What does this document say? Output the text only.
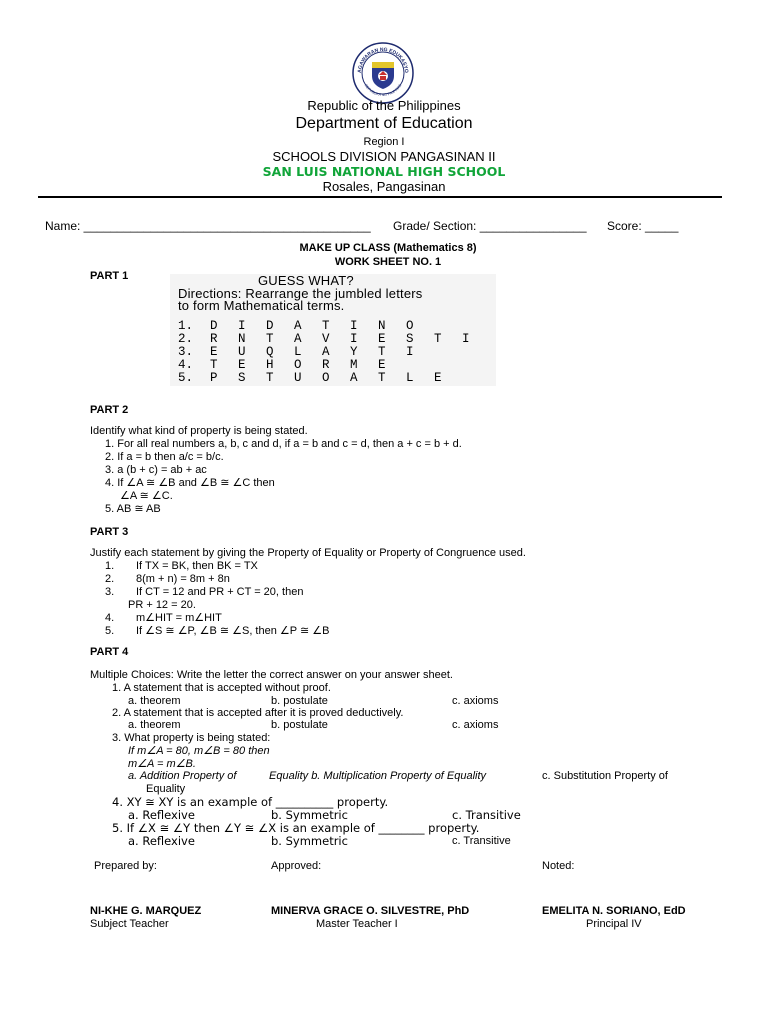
AGAWARAN NG EDUKASYO
REPUBLIKA NG PILIPINAS
Republic of the Philippines
Department of Education
Region I
SCHOOLS DIVISION PANGASINAN II
SAN LUIS NATIONAL HIGH SCHOOL
Rosales, Pangasinan
Name: ___________________________________________ Grade/ Section: ________________ Score: _____
MAKE UP CLASS (Mathematics 8)
WORK SHEET NO. 1
PART 1	GUESS WHAT?
Directions: Rearrange the jumbled letters
to form Mathematical terms.
1.	D	I	D	A	T	I	N	O
2.	R	N	T	A	V	I	E	S	T	I
3.	E	U	Q	L	A	Y	T	I
4.	T	E	H	O	R	M	E
5.	P	S	T	U	O	A	T	L	E
PART 2
Identify what kind of property is being stated.
1. For all real numbers a, b, c and d, if a = b and c = d, then a + c = b + d.
2. If a = b then a/c = b/c.
3. a (b + c) = ab + ac
4. If ∠A ≅ ∠B and ∠B ≅ ∠C then
∠A ≅ ∠C.
5. AB ≅ AB
PART 3
Justify each statement by giving the Property of Equality or Property of Congruence used.
1. If TX = BK, then BK = TX
2. 8(m + n) = 8m + 8n
3. If CT = 12 and PR + CT = 20, then
PR + 12 = 20.
4. m∠HIT = m∠HIT
5. If ∠S ≅ ∠P, ∠B ≅ ∠S, then ∠P ≅ ∠B
PART 4
Multiple Choices: Write the letter the correct answer on your answer sheet.
1. A statement that is accepted without proof.
a. theorem	b. postulate	c. axioms
2. A statement that is accepted after it is proved deductively.
a. theorem	b. postulate	c. axioms
3. What property is being stated:
If m∠A = 80, m∠B = 80 then
m∠A = m∠B.
a. Addition Property of	Equality b. Multiplication Property of Equality	c. Substitution Property of
Equality
4. XY ≅ XY is an example of __________ property.
a. Reflexive	b. Symmetric	c. Transitive
5. If ∠X ≅ ∠Y then ∠Y ≅ ∠X is an example of ________ property.
a. Reflexive	b. Symmetric	c. Transitive
Prepared by:	Approved:	Noted:
NI-KHE G. MARQUEZ
Subject Teacher
MINERVA GRACE O. SILVESTRE, PhD
Master Teacher I
EMELITA N. SORIANO, EdD
Principal IV
